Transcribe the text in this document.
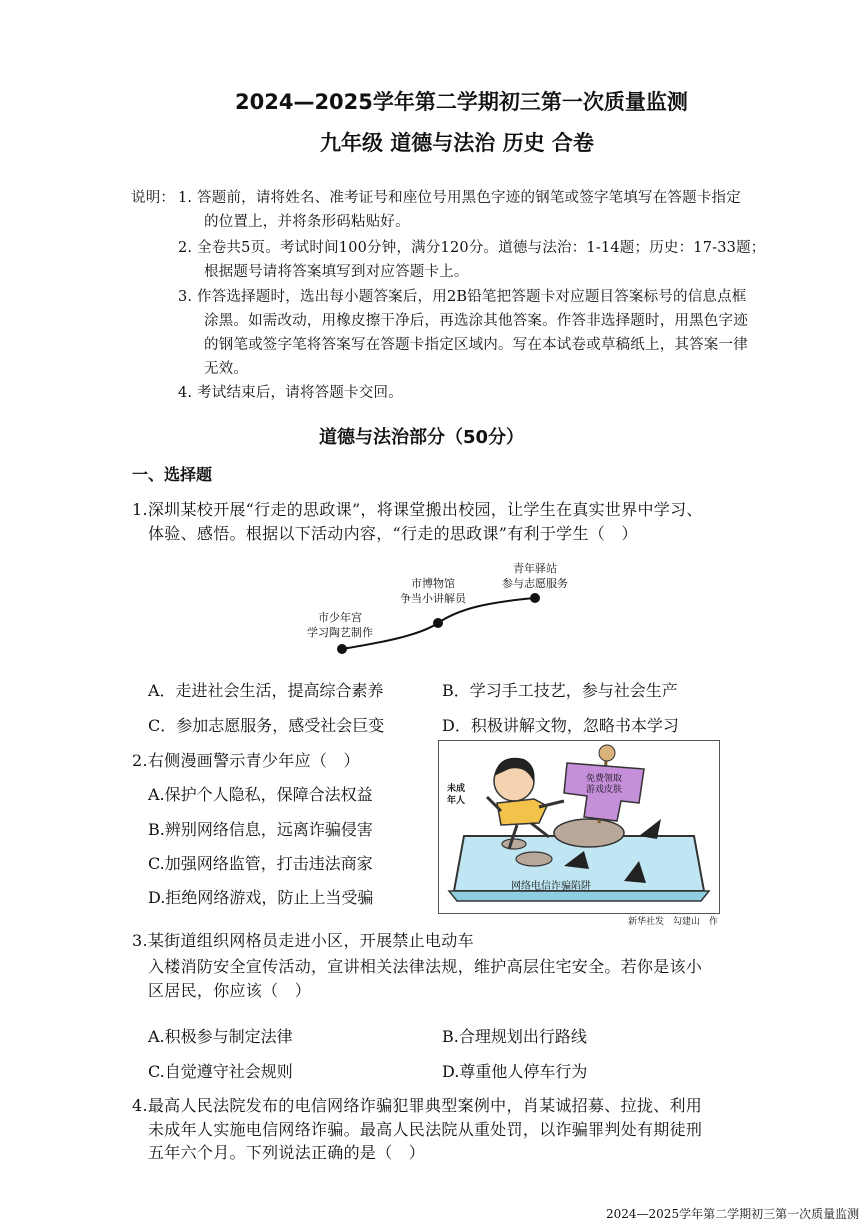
2024—2025学年第二学期初三第一次质量监测
九年级 道德与法治 历史 合卷
说明： 1. 答题前，请将姓名、准考证号和座位号用黑色字迹的钢笔或签字笔填写在答题卡指定
的位置上，并将条形码粘贴好。
2. 全卷共5页。考试时间100分钟，满分120分。道德与法治：1-14题；历史：17-33题；
根据题号请将答案填写到对应答题卡上。
3. 作答选择题时，选出每小题答案后，用2B铅笔把答题卡对应题目答案标号的信息点框
涂黑。如需改动，用橡皮擦干净后，再选涂其他答案。作答非选择题时，用黑色字迹
的钢笔或签字笔将答案写在答题卡指定区域内。写在本试卷或草稿纸上，其答案一律
无效。
4. 考试结束后，请将答题卡交回。
道德与法治部分（50分）
一、选择题
1.深圳某校开展“行走的思政课”，将课堂搬出校园，让学生在真实世界中学习、
体验、感悟。根据以下活动内容，“行走的思政课”有利于学生（　）
市少年宫
学习陶艺制作
市博物馆
争当小讲解员
青年驿站
参与志愿服务
A．走进社会生活，提高综合素养	B．学习手工技艺，参与社会生产
C．参加志愿服务，感受社会巨变	D．积极讲解文物，忽略书本学习
2.右侧漫画警示青少年应（　）
A.保护个人隐私，保障合法权益
B.辨别网络信息，远离诈骗侵害
C.加强网络监管，打击违法商家
D.拒绝网络游戏，防止上当受骗
未成
年人
免费领取
游戏皮肤
网络电信诈骗陷阱
新华社发　勾建山　作
3.某街道组织网格员走进小区，开展禁止电动车
入楼消防安全宣传活动，宣讲相关法律法规，维护高层住宅安全。若你是该小
区居民，你应该（　）
A.积极参与制定法律	B.合理规划出行路线
C.自觉遵守社会规则	D.尊重他人停车行为
4.最高人民法院发布的电信网络诈骗犯罪典型案例中，肖某诚招募、拉拢、利用
未成年人实施电信网络诈骗。最高人民法院从重处罚，以诈骗罪判处有期徒刑
五年六个月。下列说法正确的是（　）
2024—2025学年第二学期初三第一次质量监测
